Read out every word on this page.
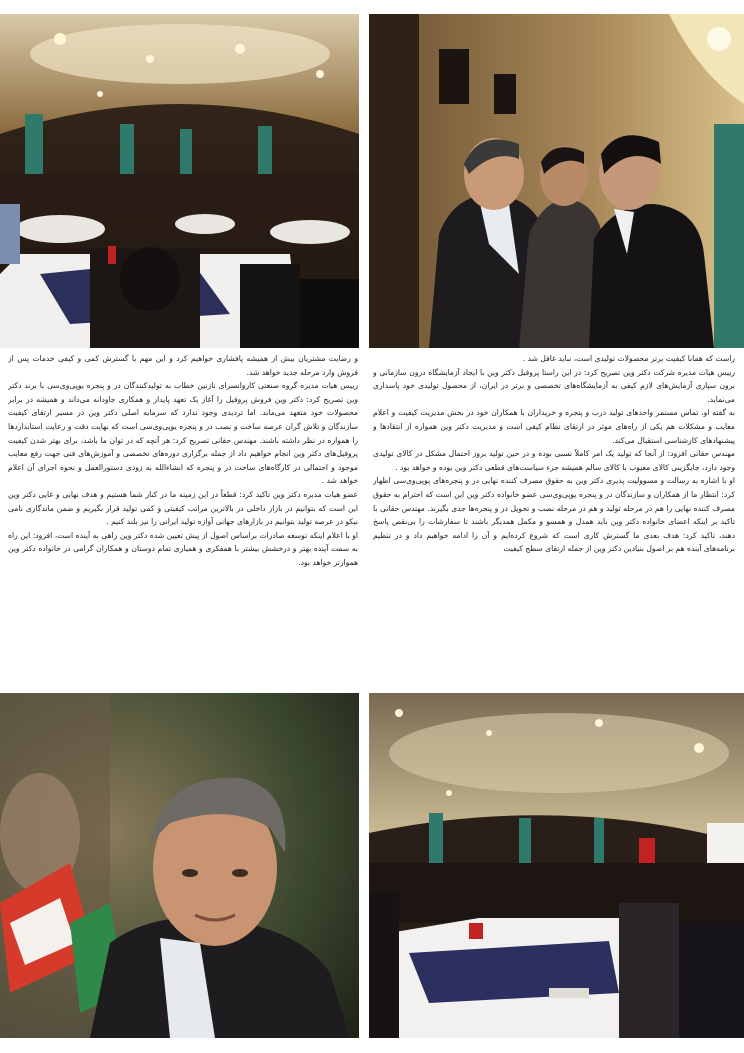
راست که همانا کیفیت برتر محصولات تولیدی است، نباید غافل شد .

رییس هیات مدیره شرکت دکتر وین تصریح کرد: در این راستا پروفیل دکتر وین با ایجاد آزمایشگاه درون سازمانی و برون سپاری آزمایش‌های لازم کیفی به آزمایشگاه‌های تخصصی و برتر در ایران، از محصول تولیدی خود پاسداری می‌نماید.

به گفته او، تماس مستمر واحدهای تولید درب و پنجره و خریداران با همکاران خود در بخش مدیریت کیفیت و اعلام معایب و مشکلات هم یکی از راه‌های موثر در ارتقای نظام کیفی است و مدیریت دکتر وین همواره از انتقادها و پیشنهادهای کارشناسی استقبال می‌کند.

مهندس حقانی افزود: از آنجا که تولید یک امر کاملاً نسبی بوده و در حین تولید بروز احتمال مشکل در کالای تولیدی وجود دارد، جایگزینی کالای معیوب با کالای سالم همیشه جزء سیاست‌های قطعی دکتر وین بوده و خواهد بود .

او با اشاره به رسالت و مسوولیت پذیری دکتر وین به حقوق مصرف کننده نهایی در و پنجره‌های یوپی‌وی‌سی اظهار کرد: انتظار ما از همکاران و سازندگان در و پنجره یوپی‌وی‌سی عضو خانواده دکتر وین این است که احترام به حقوق مصرف کننده نهایی را هم در مرحله تولید و هم در مرحله نصب و تحویل در و پنجره‌ها جدی بگیرند. مهندس حقانی با تاکید بر اینکه اعضای خانواده دکتر وین باید همدل و همسو و مکمل همدیگر باشند تا سفارشات را بی‌نقص پاسخ دهند، تاکید کرد: هدف بعدی ما گسترش کاری است که شروع کرده‌ایم و آن را ادامه خواهیم داد و در تنظیم برنامه‌های آینده هم بر اصول بنیادین دکتر وین از جمله ارتقای سطح کیفیت

و رضایت مشتریان بیش از همیشه پافشاری خواهیم کرد و این مهم با گسترش کمی و کیفی خدمات پس از فروش وارد مرحله جدید خواهد شد.

رییس هیات مدیره گروه صنعتی کاروانسرای نازنین خطاب به تولیدکنندگان در و پنجره یوپی‌وی‌سی با برند دکتر وین تصریح کرد: دکتر وین فروش پروفیل را آغاز یک تعهد پایدار و همکاری جاودانه می‌داند و همیشه در برابر محصولات خود متعهد می‌ماند. اما تردیدی وجود ندارد که سرمایه اصلی دکتر وین در مسیر ارتقای کیفیت سازندگان و تلاش گران عرصه ساخت و نصب در و پنجره یوپی‌وی‌سی است که نهایت دقت و رعایت استانداردها را همواره در نظر داشته باشند. مهندس حقانی تصریح کرد: هر آنچه که در توان ما باشد، برای بهتر شدن کیفیت پروفیل‌های دکتر وین انجام خواهیم داد از جمله برگزاری دوره‌های تخصصی و آموزش‌های فنی جهت رفع معایب موجود و احتمالی در کارگاه‌های ساخت در و پنجره که انشاءالله به زودی دستورالعمل و نحوه اجرای آن اعلام خواهد شد .

عضو هیات مدیره دکتر وین تاکید کرد: قطعاً در این زمینه ما در کنار شما هستیم و هدف نهایی و غایی دکتر وین این است که بتوانیم در بازار داخلی در بالاترین مراتب کیفیتی و کمی تولید قرار بگیریم و ضمن ماندگاری نامی نیکو در عرصه تولید بتوانیم در بازارهای جهانی آوازه تولید ایرانی را نیز بلند کنیم .

او با اعلام اینکه توسعه صادرات براساس اصول از پیش تعیین شده دکتر وین راهی به آینده است، افزود: این راه به سمت آینده بهتر و درخشش بیشتر با همفکری و همیاری تمام دوستان و همکاران گرامی در خانواده دکتر وین هموارتر خواهد بود.
